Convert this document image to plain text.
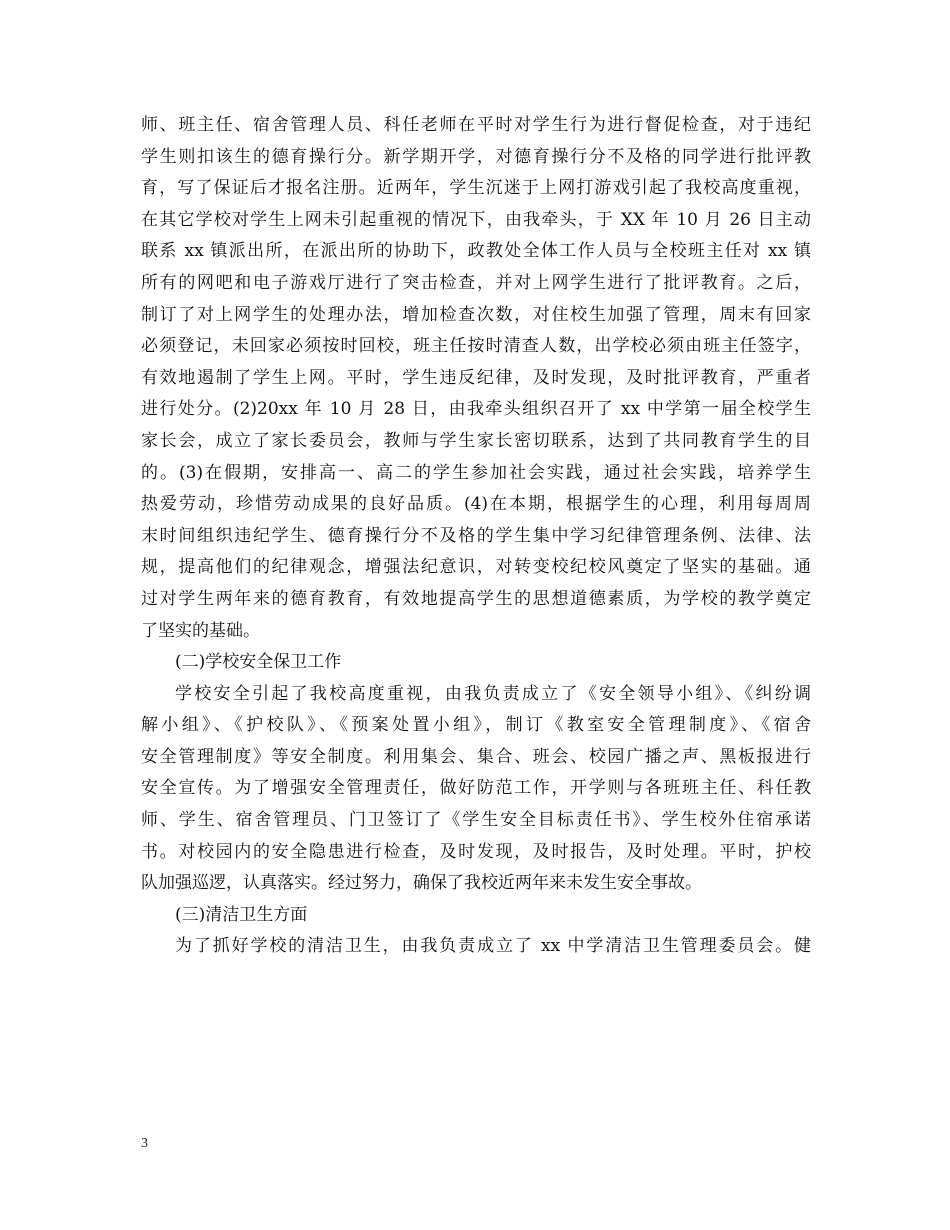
师、班主任、宿舍管理人员、科任老师在平时对学生行为进行督促检查，对于违纪
学生则扣该生的德育操行分。新学期开学，对德育操行分不及格的同学进行批评教
育，写了保证后才报名注册。近两年，学生沉迷于上网打游戏引起了我校高度重视，
在其它学校对学生上网未引起重视的情况下，由我牵头，于 XX 年 10 月 26 日主动
联系 xx 镇派出所，在派出所的协助下，政教处全体工作人员与全校班主任对 xx 镇
所有的网吧和电子游戏厅进行了突击检查，并对上网学生进行了批评教育。之后，
制订了对上网学生的处理办法，增加检查次数，对住校生加强了管理，周末有回家
必须登记，未回家必须按时回校，班主任按时清查人数，出学校必须由班主任签字，
有效地遏制了学生上网。平时，学生违反纪律，及时发现，及时批评教育，严重者
进行处分。(2)20xx 年 10 月 28 日，由我牵头组织召开了 xx 中学第一届全校学生
家长会，成立了家长委员会，教师与学生家长密切联系，达到了共同教育学生的目
的。(3)在假期，安排高一、高二的学生参加社会实践，通过社会实践，培养学生
热爱劳动，珍惜劳动成果的良好品质。(4)在本期，根据学生的心理，利用每周周
末时间组织违纪学生、德育操行分不及格的学生集中学习纪律管理条例、法律、法
规，提高他们的纪律观念，增强法纪意识，对转变校纪校风奠定了坚实的基础。通
过对学生两年来的德育教育，有效地提高学生的思想道德素质，为学校的教学奠定
了坚实的基础。
(二)学校安全保卫工作
学校安全引起了我校高度重视，由我负责成立了《安全领导小组》、《纠纷调
解小组》、《护校队》、《预案处置小组》，制订《教室安全管理制度》、《宿舍
安全管理制度》等安全制度。利用集会、集合、班会、校园广播之声、黑板报进行
安全宣传。为了增强安全管理责任，做好防范工作，开学则与各班班主任、科任教
师、学生、宿舍管理员、门卫签订了《学生安全目标责任书》、学生校外住宿承诺
书。对校园内的安全隐患进行检查，及时发现，及时报告，及时处理。平时，护校
队加强巡逻，认真落实。经过努力，确保了我校近两年来未发生安全事故。
(三)清洁卫生方面
为了抓好学校的清洁卫生，由我负责成立了 xx 中学清洁卫生管理委员会。健
3
